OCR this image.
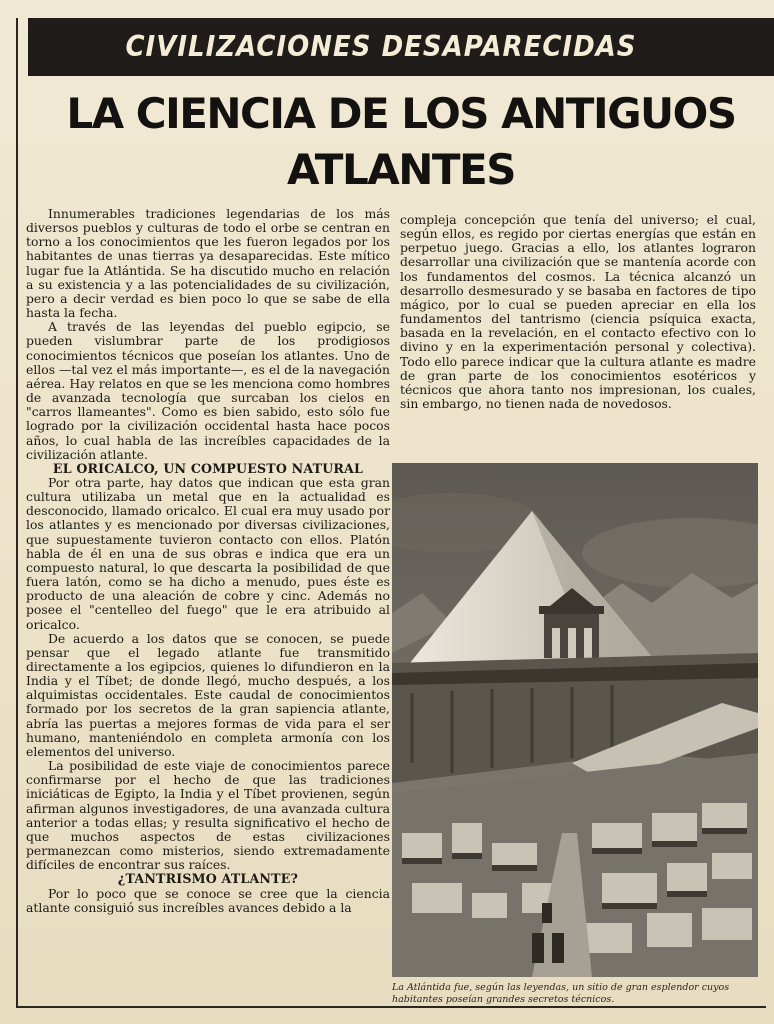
CIVILIZACIONES DESAPARECIDAS
LA CIENCIA DE LOS ANTIGUOS
ATLANTES

Innumerables tradiciones legendarias de los más diversos pueblos y culturas de todo el orbe se centran en torno a los conocimientos que les fueron legados por los habitantes de unas tierras ya desaparecidas. Este mítico lugar fue la Atlántida. Se ha discutido mucho en relación a su existencia y a las potencialidades de su civilización, pero a decir verdad es bien poco lo que se sabe de ella hasta la fecha.

A través de las leyendas del pueblo egipcio, se pueden vislumbrar parte de los prodigiosos conocimientos técnicos que poseían los atlantes. Uno de ellos —tal vez el más importante—, es el de la navegación aérea. Hay relatos en que se les menciona como hombres de avanzada tecnología que surcaban los cielos en "carros llameantes". Como es bien sabido, esto sólo fue logrado por la civilización occidental hasta hace pocos años, lo cual habla de las increíbles capacidades de la civilización atlante.

EL ORICALCO, UN COMPUESTO NATURAL

Por otra parte, hay datos que indican que esta gran cultura utilizaba un metal que en la actualidad es desconocido, llamado oricalco. El cual era muy usado por los atlantes y es mencionado por diversas civilizaciones, que supuestamente tuvieron contacto con ellos. Platón habla de él en una de sus obras e indica que era un compuesto natural, lo que descarta la posibilidad de que fuera latón, como se ha dicho a menudo, pues éste es producto de una aleación de cobre y cinc. Además no posee el "centelleo del fuego" que le era atribuido al oricalco.

De acuerdo a los datos que se conocen, se puede pensar que el legado atlante fue transmitido directamente a los egipcios, quienes lo difundieron en la India y el Tíbet; de donde llegó, mucho después, a los alquimistas occidentales. Este caudal de conocimientos formado por los secretos de la gran sapiencia atlante, abría las puertas a mejores formas de vida para el ser humano, manteniéndolo en completa armonía con los elementos del universo.

La posibilidad de este viaje de conocimientos parece confirmarse por el hecho de que las tradiciones iniciáticas de Egipto, la India y el Tíbet provienen, según afirman algunos investigadores, de una avanzada cultura anterior a todas ellas; y resulta significativo el hecho de que muchos aspectos de estas civilizaciones permanezcan como misterios, siendo extremadamente difíciles de encontrar sus raíces.

¿TANTRISMO ATLANTE?

Por lo poco que se conoce se cree que la ciencia atlante consiguió sus increíbles avances debido a la

compleja concepción que tenía del universo; el cual, según ellos, es regido por ciertas energías que están en perpetuo juego. Gracias a ello, los atlantes lograron desarrollar una civilización que se mantenía acorde con los fundamentos del cosmos. La técnica alcanzó un desarrollo desmesurado y se basaba en factores de tipo mágico, por lo cual se pueden apreciar en ella los fundamentos del tantrismo (ciencia psíquica exacta, basada en la revelación, en el contacto efectivo con lo divino y en la experimentación personal y colectiva). Todo ello parece indicar que la cultura atlante es madre de gran parte de los conocimientos esotéricos y técnicos que ahora tanto nos impresionan, los cuales, sin embargo, no tienen nada de novedosos.

La Atlántida fue, según las leyendas, un sitio de gran esplendor cuyos habitantes poseían grandes secretos técnicos.
